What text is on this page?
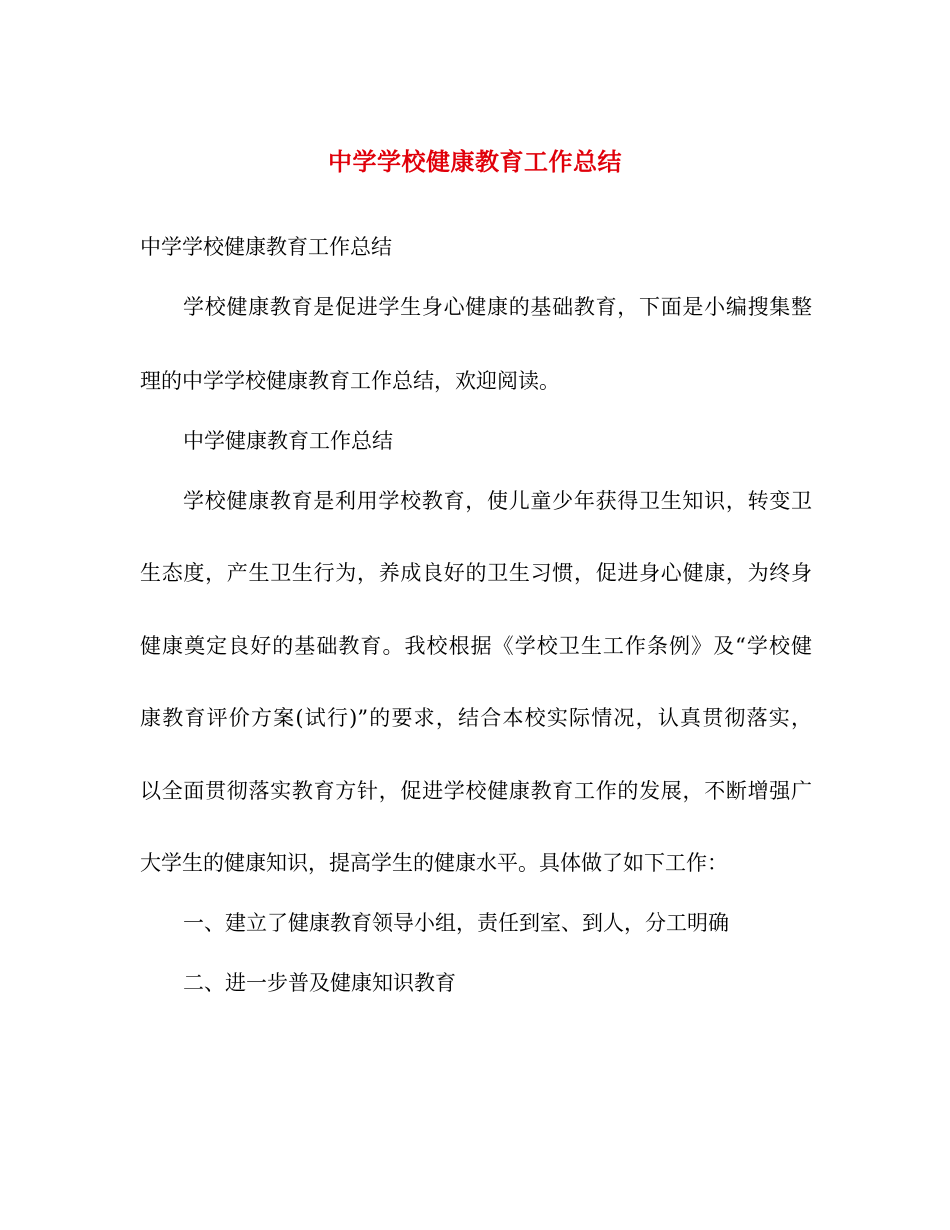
中学学校健康教育工作总结
中学学校健康教育工作总结
学校健康教育是促进学生身心健康的基础教育，下面是小编搜集整
理的中学学校健康教育工作总结，欢迎阅读。
中学健康教育工作总结
学校健康教育是利用学校教育，使儿童少年获得卫生知识，转变卫
生态度，产生卫生行为，养成良好的卫生习惯，促进身心健康，为终身
健康奠定良好的基础教育。我校根据《学校卫生工作条例》及“学校健
康教育评价方案(试行)”的要求，结合本校实际情况，认真贯彻落实，
以全面贯彻落实教育方针，促进学校健康教育工作的发展，不断增强广
大学生的健康知识，提高学生的健康水平。具体做了如下工作：
一、建立了健康教育领导小组，责任到室、到人，分工明确
二、进一步普及健康知识教育
